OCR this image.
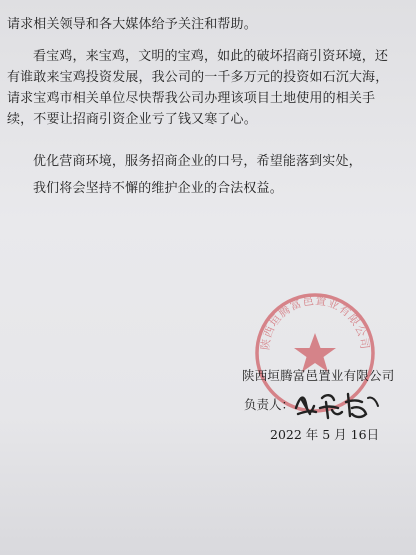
请求相关领导和各大媒体给予关注和帮助。

看宝鸡，来宝鸡，文明的宝鸡，如此的破坏招商引资环境，还有谁敢来宝鸡投资发展，我公司的一千多万元的投资如石沉大海，请求宝鸡市相关单位尽快帮我公司办理该项目土地使用的相关手续，不要让招商引资企业亏了钱又寒了心。

优化营商环境，服务招商企业的口号，希望能落到实处，

我们将会坚持不懈的维护企业的合法权益。

陕西垣腾富邑置业有限公司
陕西垣腾富邑置业有限公司
负责人：
2022 年 5 月 16日
